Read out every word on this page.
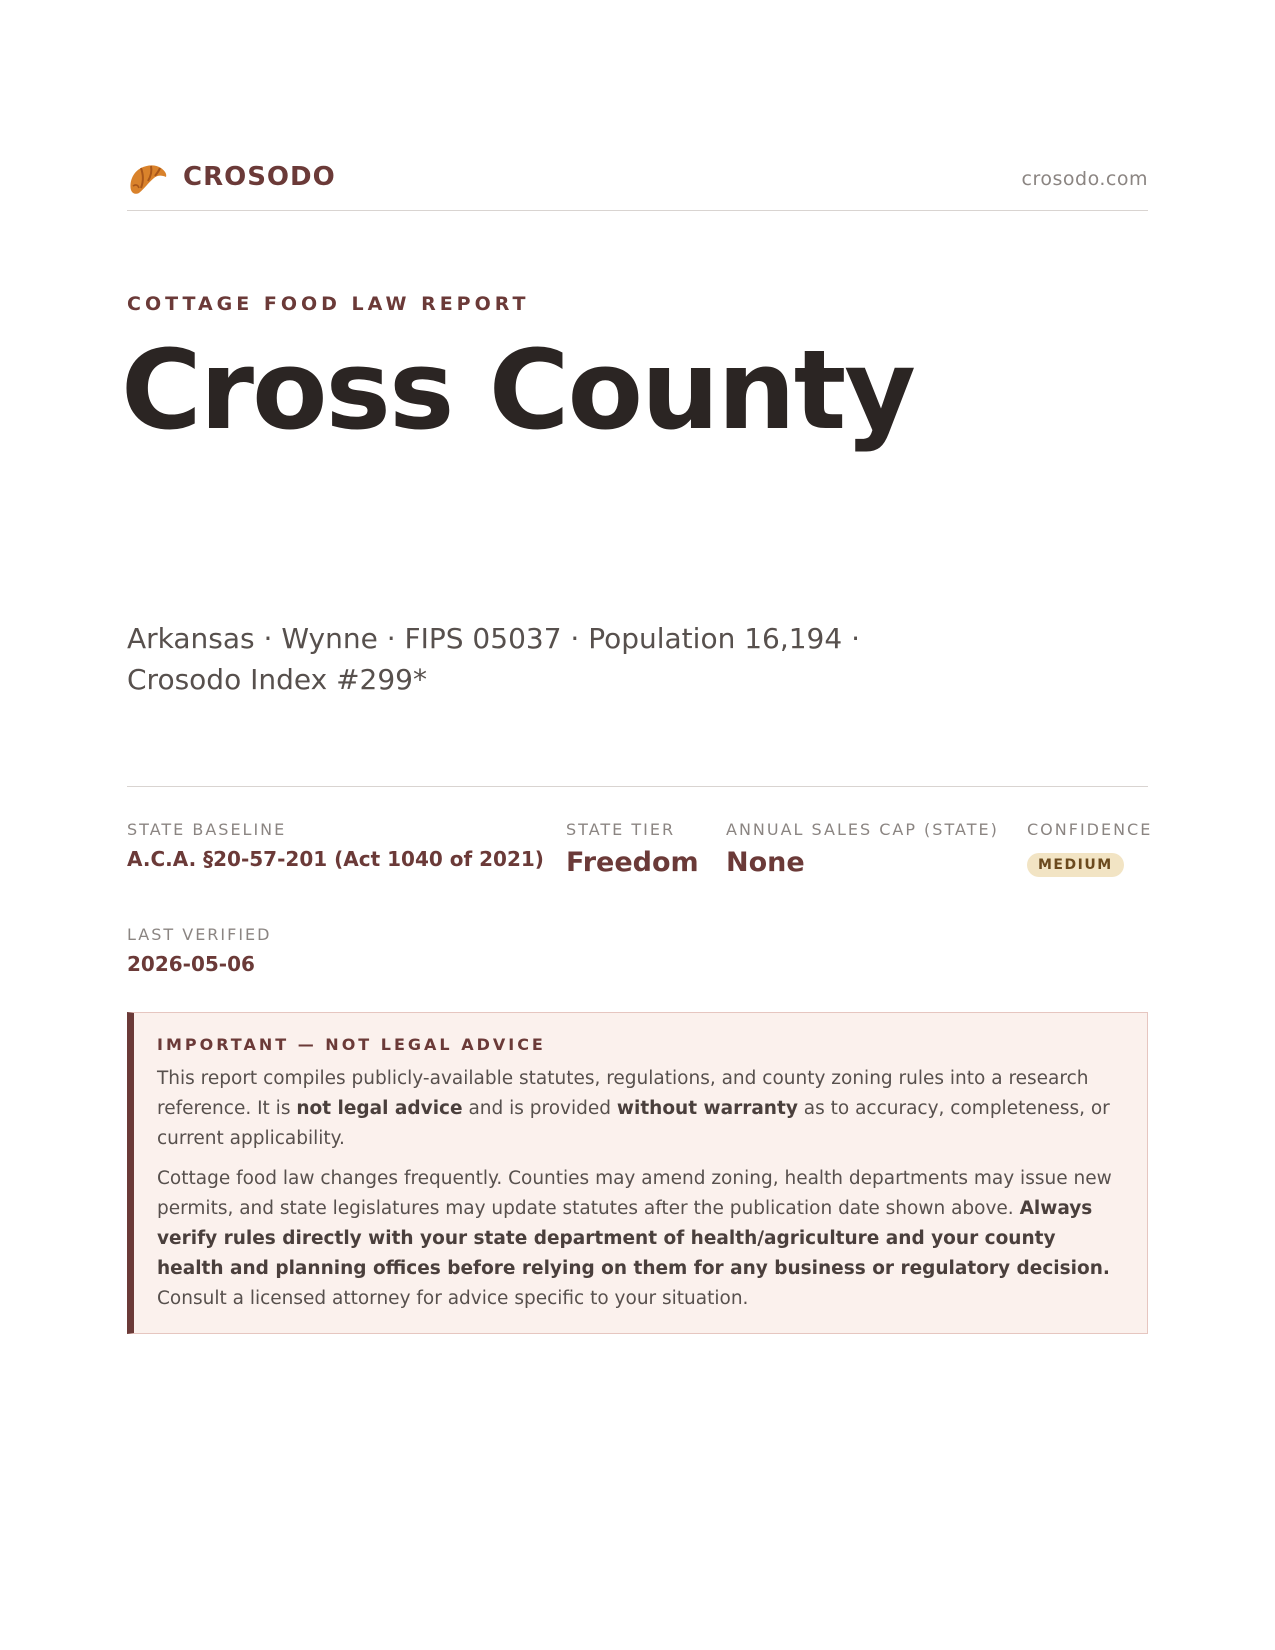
CROSODO	crosodo.com
COTTAGE FOOD LAW REPORT
Cross County
Arkansas · Wynne · FIPS 05037 · Population 16,194 · Crosodo Index #299*
STATE BASELINE
A.C.A. §20-57-201 (Act 1040 of 2021)
STATE TIER
Freedom
ANNUAL SALES CAP (STATE)
None
CONFIDENCE
MEDIUM
LAST VERIFIED
2026-05-06
IMPORTANT — NOT LEGAL ADVICE

This report compiles publicly-available statutes, regulations, and county zoning rules into a research reference. It is not legal advice and is provided without warranty as to accuracy, completeness, or current applicability.

Cottage food law changes frequently. Counties may amend zoning, health departments may issue new permits, and state legislatures may update statutes after the publication date shown above. Always verify rules directly with your state department of health/agriculture and your county health and planning offices before relying on them for any business or regulatory decision. Consult a licensed attorney for advice specific to your situation.
